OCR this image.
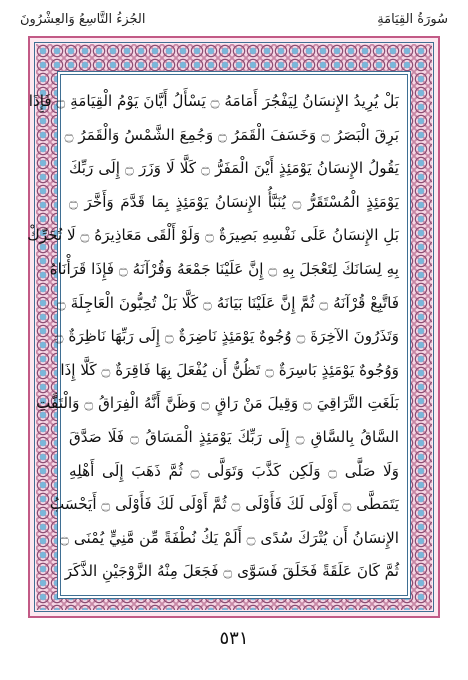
سُورَةُ القِيَامَةِ
الجُزءُ التَّاسِعُ وَالعِشْرُونَ
بَلْ يُرِيدُ الإِنسَانُ لِيَفْجُرَ أَمَامَهُ ۝ يَسْأَلُ أَيَّانَ يَوْمُ الْقِيَامَةِ ۝ فَإِذَا
بَرِقَ الْبَصَرُ ۝ وَخَسَفَ الْقَمَرُ ۝ وَجُمِعَ الشَّمْسُ وَالْقَمَرُ ۝
يَقُولُ الإِنسَانُ يَوْمَئِذٍ أَيْنَ الْمَفَرُّ ۝ كَلَّا لَا وَزَرَ ۝ إِلَى رَبِّكَ
يَوْمَئِذٍ الْمُسْتَقَرُّ ۝ يُنَبَّأُ الإِنسَانُ يَوْمَئِذٍ بِمَا قَدَّمَ وَأَخَّرَ ۝
بَلِ الإِنسَانُ عَلَى نَفْسِهِ بَصِيرَةٌ ۝ وَلَوْ أَلْقَى مَعَاذِيرَهُ ۝ لَا تُحَرِّكْ
بِهِ لِسَانَكَ لِتَعْجَلَ بِهِ ۝ إِنَّ عَلَيْنَا جَمْعَهُ وَقُرْآنَهُ ۝ فَإِذَا قَرَأْنَاهُ
فَاتَّبِعْ قُرْآنَهُ ۝ ثُمَّ إِنَّ عَلَيْنَا بَيَانَهُ ۝ كَلَّا بَلْ تُحِبُّونَ الْعَاجِلَةَ ۝
وَتَذَرُونَ الآخِرَةَ ۝ وُجُوهٌ يَوْمَئِذٍ نَاضِرَةٌ ۝ إِلَى رَبِّهَا نَاظِرَةٌ ۝
وَوُجُوهٌ يَوْمَئِذٍ بَاسِرَةٌ ۝ تَظُنُّ أَن يُفْعَلَ بِهَا فَاقِرَةٌ ۝ كَلَّا إِذَا
بَلَغَتِ التَّرَاقِيَ ۝ وَقِيلَ مَنْ رَاقٍ ۝ وَظَنَّ أَنَّهُ الْفِرَاقُ ۝ وَالْتَفَّتِ
السَّاقُ بِالسَّاقِ ۝ إِلَى رَبِّكَ يَوْمَئِذٍ الْمَسَاقُ ۝ فَلَا صَدَّقَ
وَلَا صَلَّى ۝ وَلَكِن كَذَّبَ وَتَوَلَّى ۝ ثُمَّ ذَهَبَ إِلَى أَهْلِهِ
يَتَمَطَّى ۝ أَوْلَى لَكَ فَأَوْلَى ۝ ثُمَّ أَوْلَى لَكَ فَأَوْلَى ۝ أَيَحْسَبُ
الإِنسَانُ أَن يُتْرَكَ سُدًى ۝ أَلَمْ يَكُ نُطْفَةً مِّن مَّنِيٍّ يُمْنَى ۝
ثُمَّ كَانَ عَلَقَةً فَخَلَقَ فَسَوَّى ۝ فَجَعَلَ مِنْهُ الزَّوْجَيْنِ الذَّكَرَ
٥٣١
